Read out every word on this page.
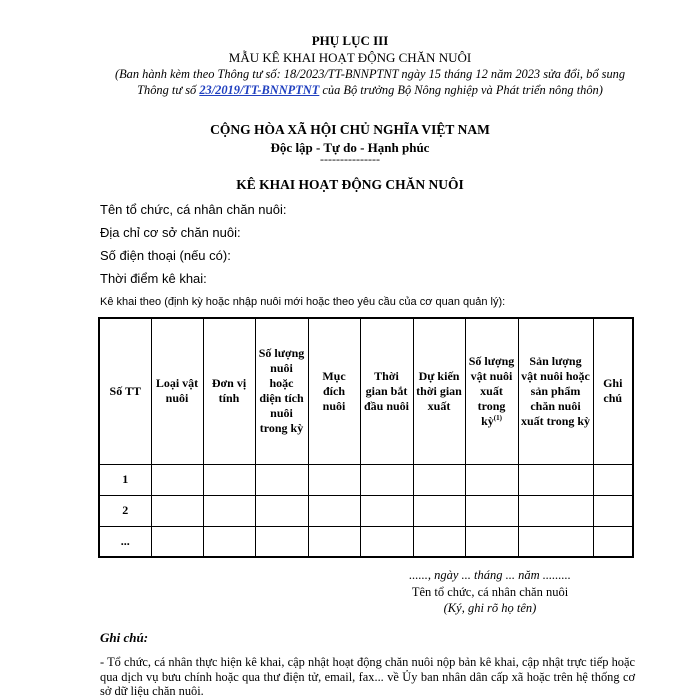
PHỤ LỤC III
MẪU KÊ KHAI HOẠT ĐỘNG CHĂN NUÔI
(Ban hành kèm theo Thông tư số: 18/2023/TT-BNNPTNT ngày 15 tháng 12 năm 2023 sửa đổi, bổ sung Thông tư số 23/2019/TT-BNNPTNT của Bộ trưởng Bộ Nông nghiệp và Phát triển nông thôn)
CỘNG HÒA XÃ HỘI CHỦ NGHĨA VIỆT NAM
Độc lập - Tự do - Hạnh phúc
---------------
KÊ KHAI HOẠT ĐỘNG CHĂN NUÔI
Tên tổ chức, cá nhân chăn nuôi:
Địa chỉ cơ sở chăn nuôi:
Số điện thoại (nếu có):
Thời điểm kê khai:
Kê khai theo (định kỳ hoặc nhập nuôi mới hoặc theo yêu cầu của cơ quan quản lý):
Số TT	Loại vật nuôi	Đơn vị tính	Số lượng nuôi hoặc diện tích nuôi trong kỳ	Mục đích nuôi	Thời gian bắt đầu nuôi	Dự kiến thời gian xuất	Số lượng vật nuôi xuất trong kỳ$^{(1)}$	Sản lượng vật nuôi hoặc sản phẩm chăn nuôi xuất trong kỳ	Ghi chú
1									
2									
...									
......, ngày ... tháng ... năm .........
Tên tổ chức, cá nhân chăn nuôi
(Ký, ghi rõ họ tên)
Ghi chú:
- Tổ chức, cá nhân thực hiện kê khai, cập nhật hoạt động chăn nuôi nộp bản kê khai, cập nhật trực tiếp hoặc qua dịch vụ bưu chính hoặc qua thư điện tử, email, fax... về Ủy ban nhân dân cấp xã hoặc trên hệ thống cơ sở dữ liệu chăn nuôi.
